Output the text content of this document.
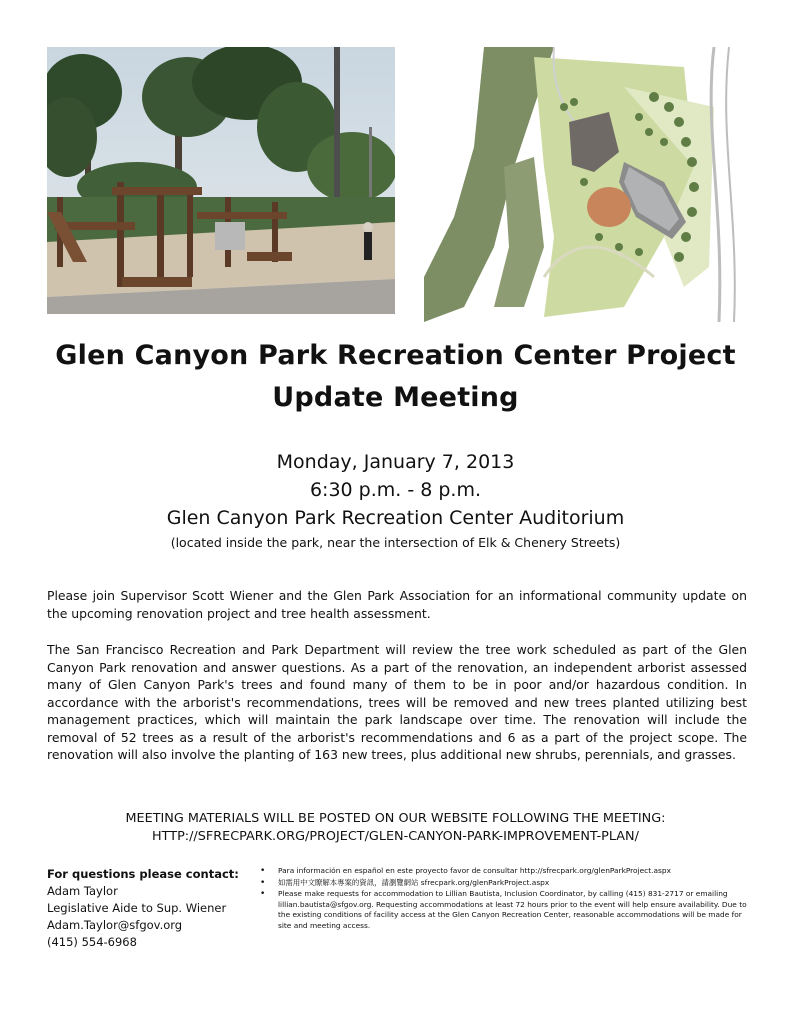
Glen Canyon Park Recreation Center Project
Update Meeting
Monday, January 7, 2013
6:30 p.m. - 8 p.m.
Glen Canyon Park Recreation Center Auditorium
(located inside the park, near the intersection of Elk & Chenery Streets)
Please join Supervisor Scott Wiener and the Glen Park Association for an informational community update on the upcoming renovation project and tree health assessment.
The San Francisco Recreation and Park Department will review the tree work scheduled as part of the Glen Canyon Park renovation and answer questions. As a part of the renovation, an independent arborist assessed many of Glen Canyon Park's trees and found many of them to be in poor and/or hazardous condition. In accordance with the arborist's recommendations, trees will be removed and new trees planted utilizing best management practices, which will maintain the park landscape over time. The renovation will include the removal of 52 trees as a result of the arborist's recommendations and 6 as a part of the project scope. The renovation will also involve the planting of 163 new trees, plus additional new shrubs, perennials, and grasses.
MEETING MATERIALS WILL BE POSTED ON OUR WEBSITE FOLLOWING THE MEETING:
HTTP://SFRECPARK.ORG/PROJECT/GLEN-CANYON-PARK-IMPROVEMENT-PLAN/
For questions please contact:
Adam Taylor
Legislative Aide to Sup. Wiener
Adam.Taylor@sfgov.org
(415) 554-6968
• Para información en español en este proyecto favor de consultar http://sfrecpark.org/glenParkProject.aspx
• 如需用中文瞭解本專案的資訊，請瀏覽網站 sfrecpark.org/glenParkProject.aspx
• Please make requests for accommodation to Lillian Bautista, Inclusion Coordinator, by calling (415) 831-2717 or emailing lillian.bautista@sfgov.org. Requesting accommodations at least 72 hours prior to the event will help ensure availability. Due to the existing conditions of facility access at the Glen Canyon Recreation Center, reasonable accommodations will be made for site and meeting access.
